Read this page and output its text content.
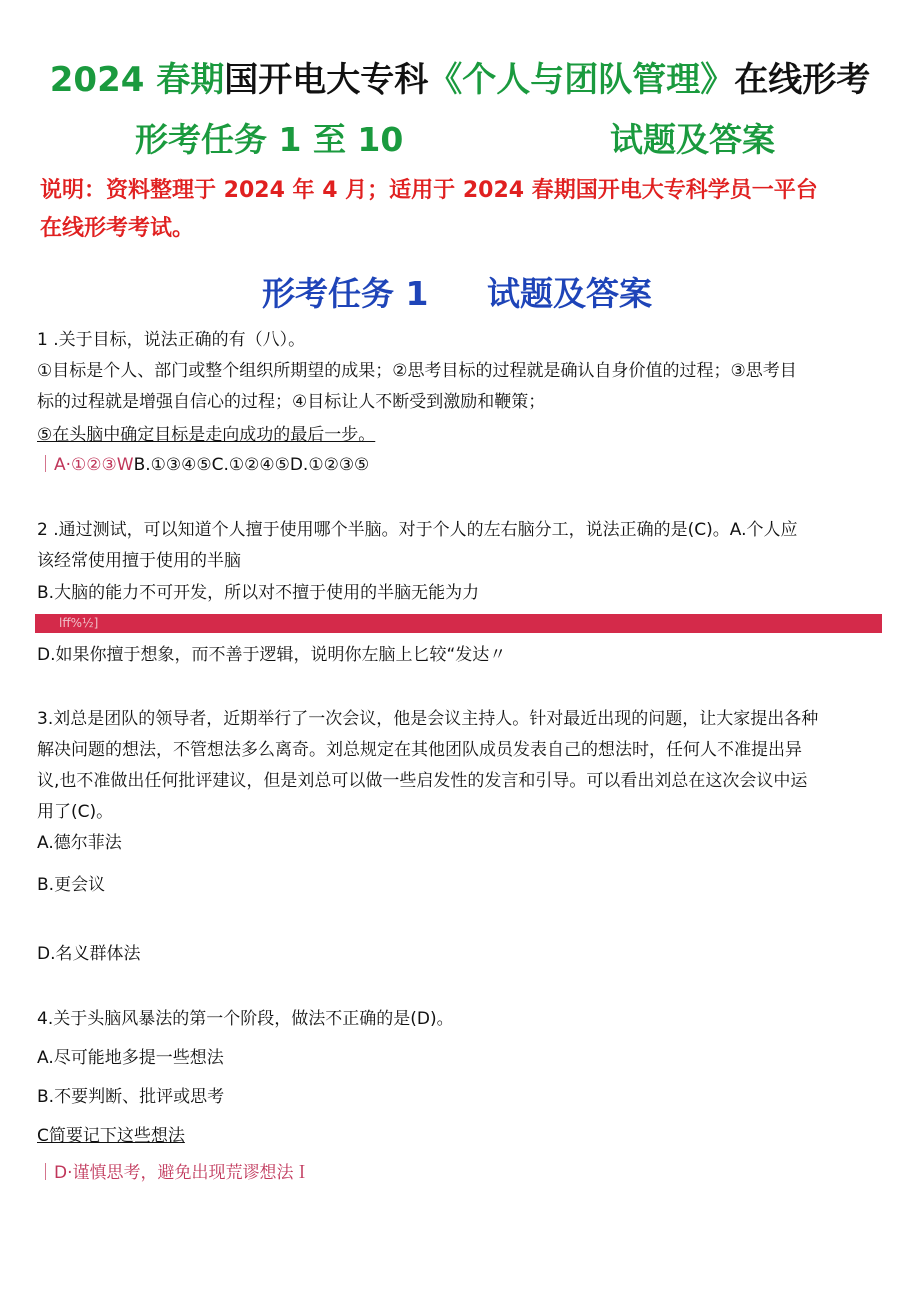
2024 春期国开电大专科《个人与团队管理》在线形考
形考任务 1 至 10	试题及答案
说明：资料整理于 2024 年 4 月；适用于 2024 春期国开电大专科学员一平台
在线形考考试。
形考任务 1 试题及答案
1 .关于目标，说法正确的有（八）。
①目标是个人、部门或整个组织所期望的成果；②思考目标的过程就是确认自身价值的过程；③思考目
标的过程就是增强自信心的过程；④目标让人不断受到激励和鞭策；
⑤在头脑中确定目标是走向成功的最后一步。
｜A·①②③WB.①③④⑤C.①②④⑤D.①②③⑤
2 .通过测试，可以知道个人擅于使用哪个半脑。对于个人的左右脑分工，说法正确的是(C)。A.个人应
该经常使用擅于使用的半脑
B.大脑的能力不可开发，所以对不擅于使用的半脑无能为力
lff%½]
D.如果你擅于想象，而不善于逻辑，说明你左脑上匕较“发达〃
3.刘总是团队的领导者，近期举行了一次会议，他是会议主持人。针对最近出现的问题，让大家提出各种
解决问题的想法，不管想法多么离奇。刘总规定在其他团队成员发表自己的想法时，任何人不准提出异
议,也不准做出任何批评建议，但是刘总可以做一些启发性的发言和引导。可以看出刘总在这次会议中运
用了(C)。
A.德尔菲法
B.更会议
D.名义群体法
4.关于头脑风暴法的第一个阶段，做法不正确的是(D)。
A.尽可能地多提一些想法
B.不要判断、批评或思考
C简要记下这些想法
｜D·谨慎思考，避免出现荒谬想法Ｉ
